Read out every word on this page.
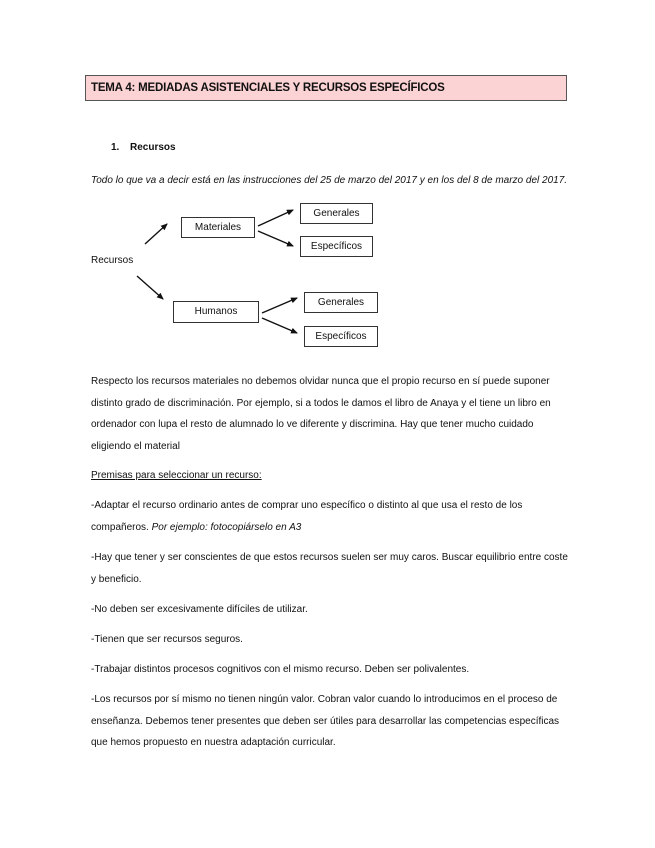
TEMA 4: MEDIADAS ASISTENCIALES Y RECURSOS ESPECÍFICOS
1. Recursos
Todo lo que va a decir está en las instrucciones del 25 de marzo del 2017 y en los del 8 de marzo del 2017.
Recursos
Materiales
Generales
Específicos
Humanos
Generales
Específicos
Respecto los recursos materiales no debemos olvidar nunca que el propio recurso en sí puede suponer distinto grado de discriminación. Por ejemplo, si a todos le damos el libro de Anaya y el tiene un libro en ordenador con lupa el resto de alumnado lo ve diferente y discrimina. Hay que tener mucho cuidado eligiendo el material
Premisas para seleccionar un recurso:
-Adaptar el recurso ordinario antes de comprar uno específico o distinto al que usa el resto de los compañeros. Por ejemplo: fotocopiárselo en A3
-Hay que tener y ser conscientes de que estos recursos suelen ser muy caros. Buscar equilibrio entre coste y beneficio.
-No deben ser excesivamente difíciles de utilizar.
-Tienen que ser recursos seguros.
-Trabajar distintos procesos cognitivos con el mismo recurso. Deben ser polivalentes.
-Los recursos por sí mismo no tienen ningún valor. Cobran valor cuando lo introducimos en el proceso de enseñanza. Debemos tener presentes que deben ser útiles para desarrollar las competencias específicas que hemos propuesto en nuestra adaptación curricular.
